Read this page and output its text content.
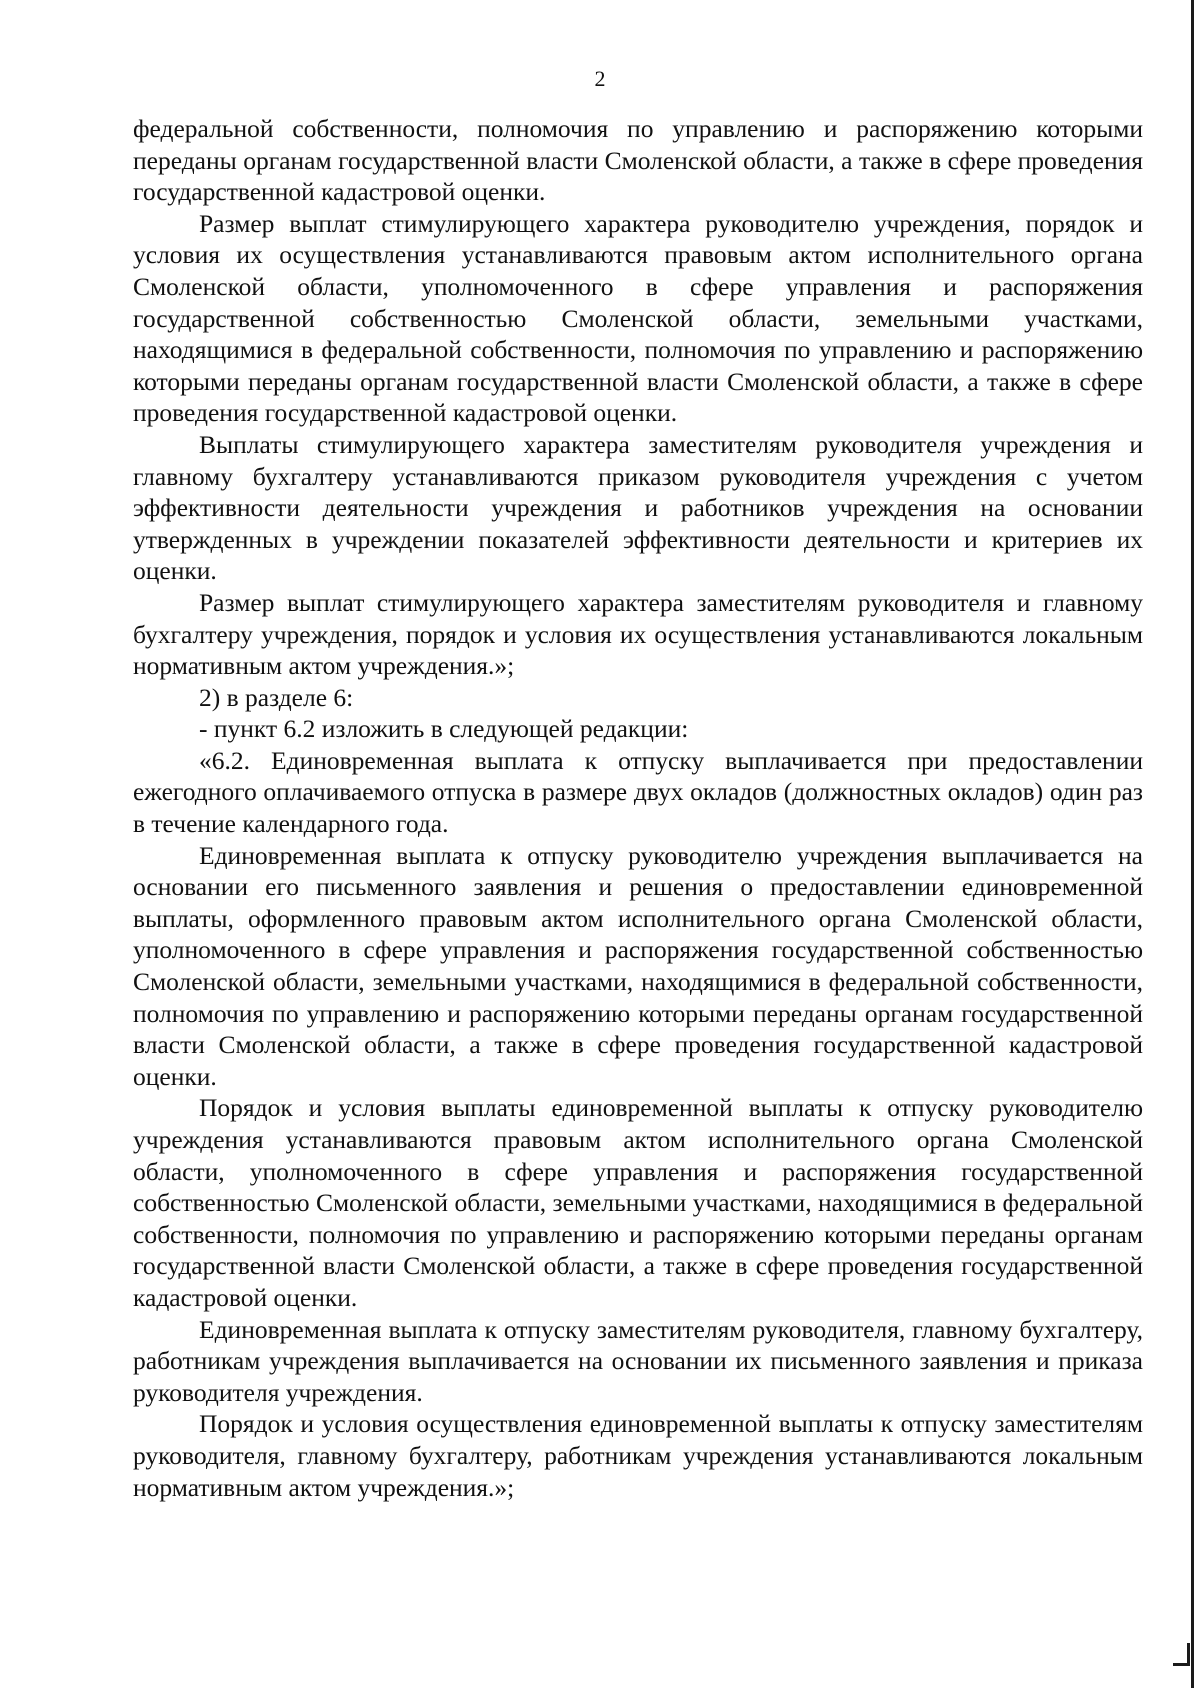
2

федеральной собственности, полномочия по управлению и распоряжению которыми переданы органам государственной власти Смоленской области, а также в сфере проведения государственной кадастровой оценки.

Размер выплат стимулирующего характера руководителю учреждения, порядок и условия их осуществления устанавливаются правовым актом исполнительного органа Смоленской области, уполномоченного в сфере управления и распоряжения государственной собственностью Смоленской области, земельными участками, находящимися в федеральной собственности, полномочия по управлению и распоряжению которыми переданы органам государственной власти Смоленской области, а также в сфере проведения государственной кадастровой оценки.

Выплаты стимулирующего характера заместителям руководителя учреждения и главному бухгалтеру устанавливаются приказом руководителя учреждения с учетом эффективности деятельности учреждения и работников учреждения на основании утвержденных в учреждении показателей эффективности деятельности и критериев их оценки.

Размер выплат стимулирующего характера заместителям руководителя и главному бухгалтеру учреждения, порядок и условия их осуществления устанавливаются локальным нормативным актом учреждения.»;

2) в разделе 6:

- пункт 6.2 изложить в следующей редакции:

«6.2. Единовременная выплата к отпуску выплачивается при предоставлении ежегодного оплачиваемого отпуска в размере двух окладов (должностных окладов) один раз в течение календарного года.

Единовременная выплата к отпуску руководителю учреждения выплачивается на основании его письменного заявления и решения о предоставлении единовременной выплаты, оформленного правовым актом исполнительного органа Смоленской области, уполномоченного в сфере управления и распоряжения государственной собственностью Смоленской области, земельными участками, находящимися в федеральной собственности, полномочия по управлению и распоряжению которыми переданы органам государственной власти Смоленской области, а также в сфере проведения государственной кадастровой оценки.

Порядок и условия выплаты единовременной выплаты к отпуску руководителю учреждения устанавливаются правовым актом исполнительного органа Смоленской области, уполномоченного в сфере управления и распоряжения государственной собственностью Смоленской области, земельными участками, находящимися в федеральной собственности, полномочия по управлению и распоряжению которыми переданы органам государственной власти Смоленской области, а также в сфере проведения государственной кадастровой оценки.

Единовременная выплата к отпуску заместителям руководителя, главному бухгалтеру, работникам учреждения выплачивается на основании их письменного заявления и приказа руководителя учреждения.

Порядок и условия осуществления единовременной выплаты к отпуску заместителям руководителя, главному бухгалтеру, работникам учреждения устанавливаются локальным нормативным актом учреждения.»;
